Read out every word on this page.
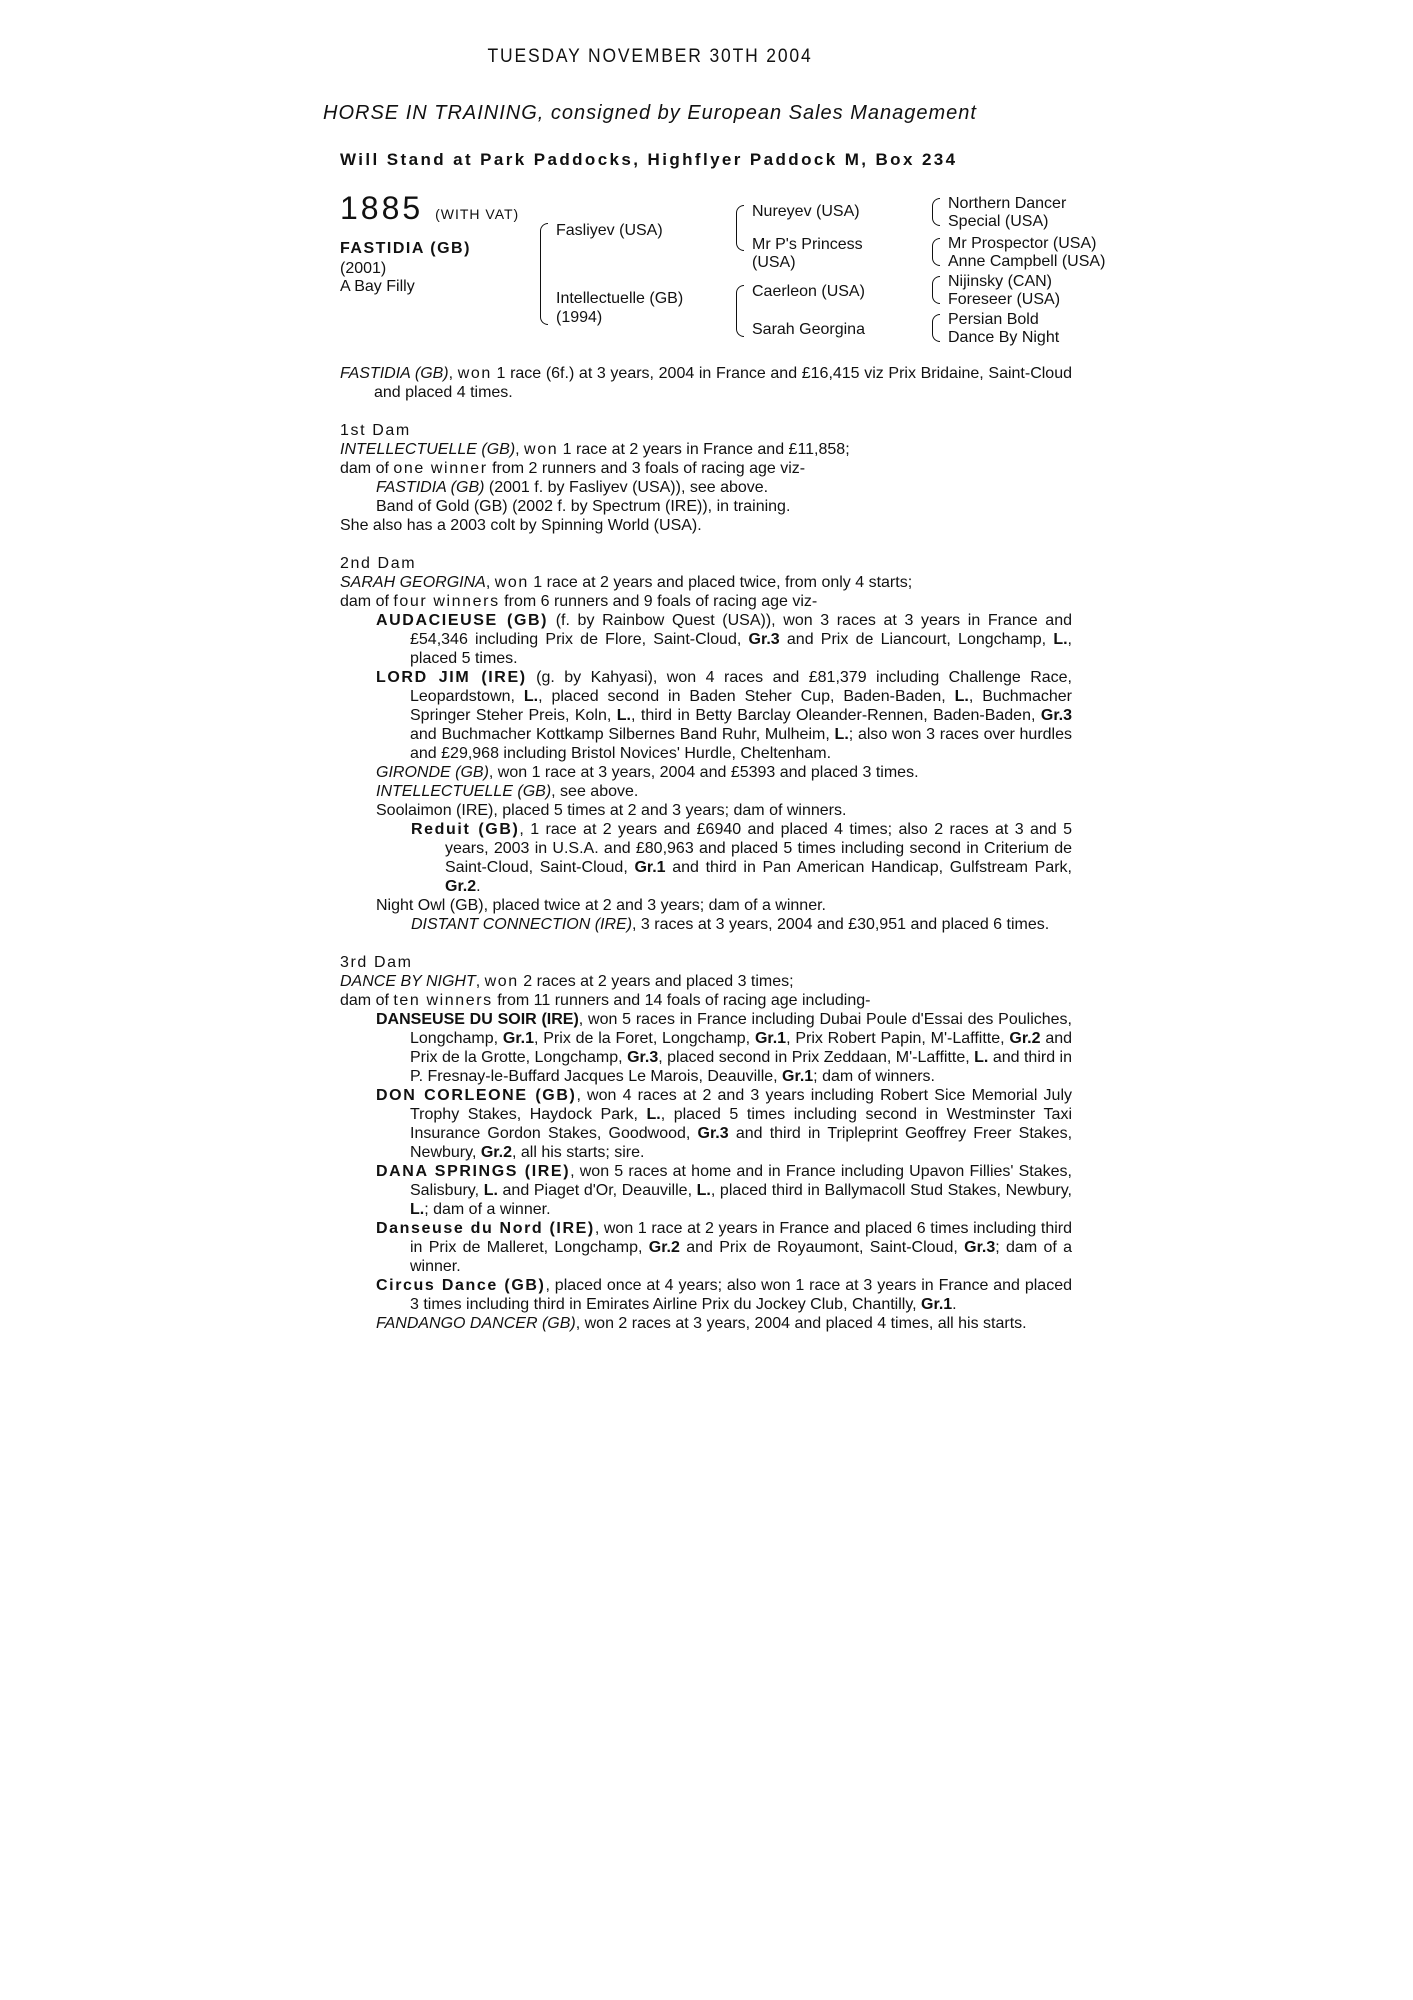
TUESDAY NOVEMBER 30TH 2004
HORSE IN TRAINING, consigned by European Sales Management
Will Stand at Park Paddocks, Highflyer Paddock M, Box 234
1885 (WITH VAT)
FASTIDIA (GB)
(2001)
A Bay Filly
Fasliyev (USA)
Intellectuelle (GB)
(1994)
Nureyev (USA)
Mr P's Princess
(USA)
Caerleon (USA)
Sarah Georgina
Northern Dancer
Special (USA)
Mr Prospector (USA)
Anne Campbell (USA)
Nijinsky (CAN)
Foreseer (USA)
Persian Bold
Dance By Night

FASTIDIA (GB), won 1 race (6f.) at 3 years, 2004 in France and £16,415 viz Prix Bridaine, Saint-Cloud and placed 4 times.

1st Dam

INTELLECTUELLE (GB), won 1 race at 2 years in France and £11,858;

dam of one winner from 2 runners and 3 foals of racing age viz-

FASTIDIA (GB) (2001 f. by Fasliyev (USA)), see above.

Band of Gold (GB) (2002 f. by Spectrum (IRE)), in training.

She also has a 2003 colt by Spinning World (USA).

2nd Dam

SARAH GEORGINA, won 1 race at 2 years and placed twice, from only 4 starts;

dam of four winners from 6 runners and 9 foals of racing age viz-

AUDACIEUSE (GB) (f. by Rainbow Quest (USA)), won 3 races at 3 years in France and £54,346 including Prix de Flore, Saint-Cloud, Gr.3 and Prix de Liancourt, Longchamp, L., placed 5 times.

LORD JIM (IRE) (g. by Kahyasi), won 4 races and £81,379 including Challenge Race, Leopardstown, L., placed second in Baden Steher Cup, Baden-Baden, L., Buchmacher Springer Steher Preis, Koln, L., third in Betty Barclay Oleander-Rennen, Baden-Baden, Gr.3 and Buchmacher Kottkamp Silbernes Band Ruhr, Mulheim, L.; also won 3 races over hurdles and £29,968 including Bristol Novices' Hurdle, Cheltenham.

GIRONDE (GB), won 1 race at 3 years, 2004 and £5393 and placed 3 times.

INTELLECTUELLE (GB), see above.

Soolaimon (IRE), placed 5 times at 2 and 3 years; dam of winners.

Reduit (GB), 1 race at 2 years and £6940 and placed 4 times; also 2 races at 3 and 5 years, 2003 in U.S.A. and £80,963 and placed 5 times including second in Criterium de Saint-Cloud, Saint-Cloud, Gr.1 and third in Pan American Handicap, Gulfstream Park, Gr.2.

Night Owl (GB), placed twice at 2 and 3 years; dam of a winner.

DISTANT CONNECTION (IRE), 3 races at 3 years, 2004 and £30,951 and placed 6 times.

3rd Dam

DANCE BY NIGHT, won 2 races at 2 years and placed 3 times;

dam of ten winners from 11 runners and 14 foals of racing age including-

DANSEUSE DU SOIR (IRE), won 5 races in France including Dubai Poule d'Essai des Pouliches, Longchamp, Gr.1, Prix de la Foret, Longchamp, Gr.1, Prix Robert Papin, M'-Laffitte, Gr.2 and Prix de la Grotte, Longchamp, Gr.3, placed second in Prix Zeddaan, M'-Laffitte, L. and third in P. Fresnay-le-Buffard Jacques Le Marois, Deauville, Gr.1; dam of winners.

DON CORLEONE (GB), won 4 races at 2 and 3 years including Robert Sice Memorial July Trophy Stakes, Haydock Park, L., placed 5 times including second in Westminster Taxi Insurance Gordon Stakes, Goodwood, Gr.3 and third in Tripleprint Geoffrey Freer Stakes, Newbury, Gr.2, all his starts; sire.

DANA SPRINGS (IRE), won 5 races at home and in France including Upavon Fillies' Stakes, Salisbury, L. and Piaget d'Or, Deauville, L., placed third in Ballymacoll Stud Stakes, Newbury, L.; dam of a winner.

Danseuse du Nord (IRE), won 1 race at 2 years in France and placed 6 times including third in Prix de Malleret, Longchamp, Gr.2 and Prix de Royaumont, Saint-Cloud, Gr.3; dam of a winner.

Circus Dance (GB), placed once at 4 years; also won 1 race at 3 years in France and placed 3 times including third in Emirates Airline Prix du Jockey Club, Chantilly, Gr.1.

FANDANGO DANCER (GB), won 2 races at 3 years, 2004 and placed 4 times, all his starts.
